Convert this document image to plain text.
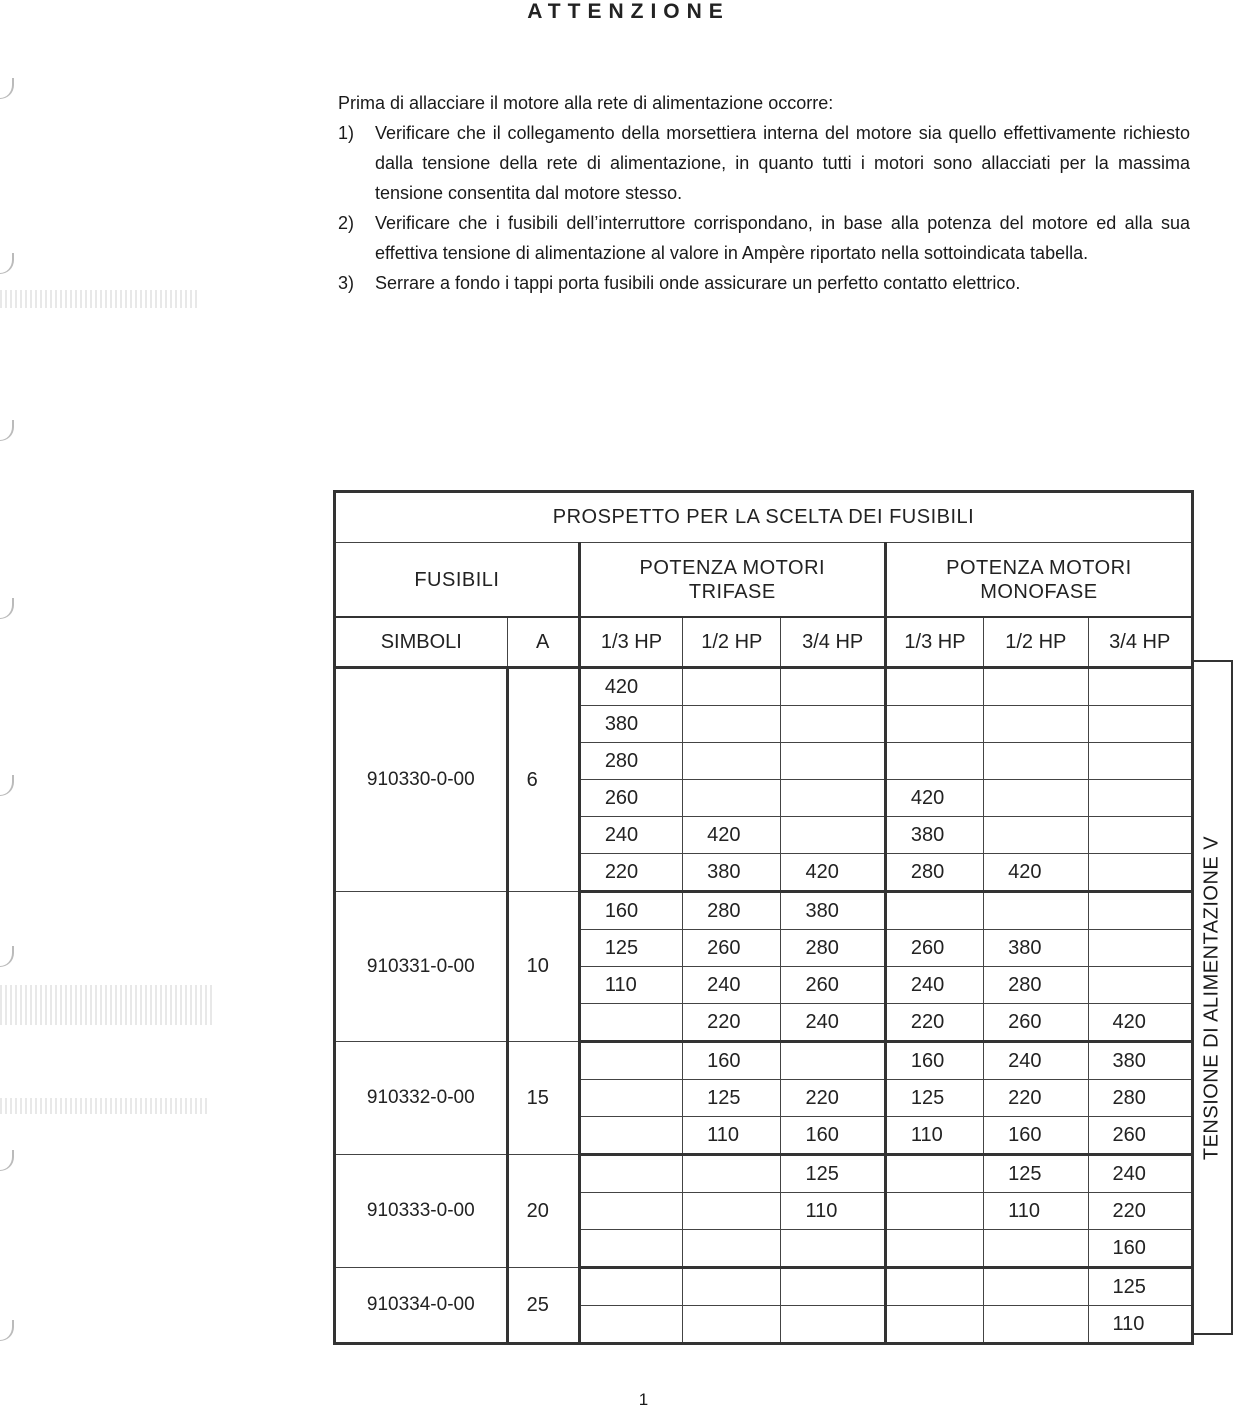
ATTENZIONE
Prima di allacciare il motore alla rete di alimentazione occorre:
1) Verificare che il collegamento della morsettiera interna del motore sia quello effettivamente richiesto dalla tensione della rete di alimentazione, in quanto tutti i motori sono allacciati per la massima tensione consentita dal motore stesso.
2) Verificare che i fusibili dell’interruttore corrispondano, in base alla potenza del motore ed alla sua effettiva tensione di alimentazione al valore in Ampère riportato nella sottoindicata tabella.
3) Serrare a fondo i tappi porta fusibili onde assicurare un perfetto contatto elettrico.
PROSPETTO PER LA SCELTA DEI FUSIBILI							
FUSIBILI		POTENZA MOTORI TRIFASE			POTENZA MOTORI MONOFASE		
SIMBOLI	A	1/3 HP	1/2 HP	3/4 HP	1/3 HP	1/2 HP	3/4 HP
910330-0-00	6	420					
		380					
		280					
		260			420		
		240	420		380		
		220	380	420	280	420	
910331-0-00	10	160	280	380			
		125	260	280	260	380	
		110	240	260	240	280	
			220	240	220	260	420
910332-0-00	15		160		160	240	380
			125	220	125	220	280
			110	160	110	160	260
910333-0-00	20			125		125	240
				110		110	220
							160
910334-0-00	25						125
							110
TENSIONE DI ALIMENTAZIONE V
1
